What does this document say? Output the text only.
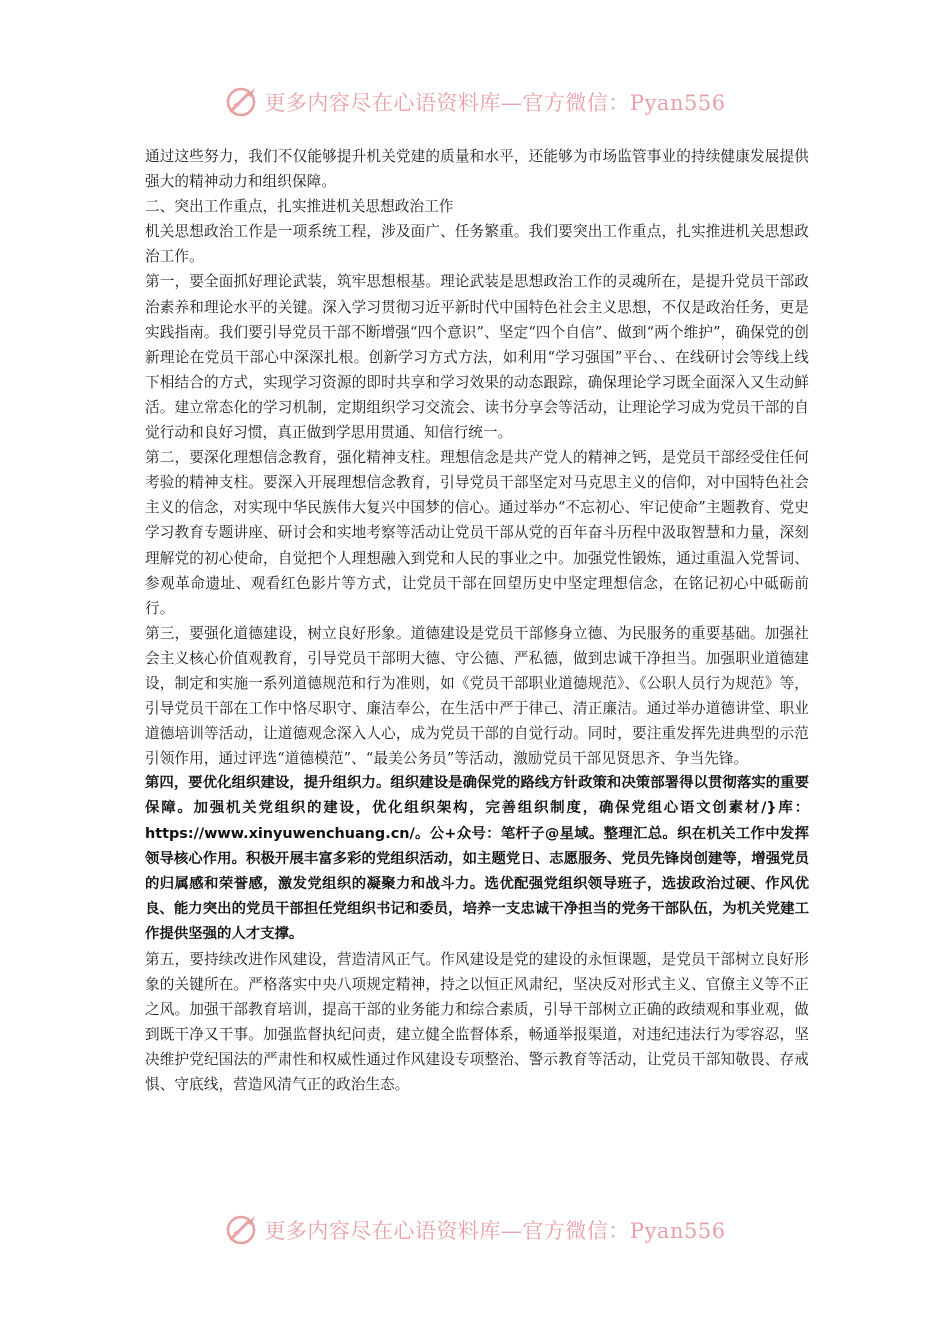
更多内容尽在心语资料库—官方微信：Pyan556

通过这些努力，我们不仅能够提升机关党建的质量和水平，还能够为市场监管事业的持续健康发展提供强大的精神动力和组织保障。

二、突出工作重点，扎实推进机关思想政治工作

机关思想政治工作是一项系统工程，涉及面广、任务繁重。我们要突出工作重点，扎实推进机关思想政治工作。

第一，要全面抓好理论武装，筑牢思想根基。理论武装是思想政治工作的灵魂所在，是提升党员干部政治素养和理论水平的关键。深入学习贯彻习近平新时代中国特色社会主义思想，不仅是政治任务，更是实践指南。我们要引导党员干部不断增强“四个意识”、坚定“四个自信”、做到“两个维护”，确保党的创新理论在党员干部心中深深扎根。创新学习方式方法，如利用“学习强国”平台、、在线研讨会等线上线下相结合的方式，实现学习资源的即时共享和学习效果的动态跟踪，确保理论学习既全面深入又生动鲜活。建立常态化的学习机制，定期组织学习交流会、读书分享会等活动，让理论学习成为党员干部的自觉行动和良好习惯，真正做到学思用贯通、知信行统一。

第二，要深化理想信念教育，强化精神支柱。理想信念是共产党人的精神之钙，是党员干部经受住任何考验的精神支柱。要深入开展理想信念教育，引导党员干部坚定对马克思主义的信仰，对中国特色社会主义的信念，对实现中华民族伟大复兴中国梦的信心。通过举办“不忘初心、牢记使命”主题教育、党史学习教育专题讲座、研讨会和实地考察等活动让党员干部从党的百年奋斗历程中汲取智慧和力量，深刻理解党的初心使命，自觉把个人理想融入到党和人民的事业之中。加强党性锻炼，通过重温入党誓词、参观革命遗址、观看红色影片等方式，让党员干部在回望历史中坚定理想信念，在铭记初心中砥砺前行。

第三，要强化道德建设，树立良好形象。道德建设是党员干部修身立德、为民服务的重要基础。加强社会主义核心价值观教育，引导党员干部明大德、守公德、严私德，做到忠诚干净担当。加强职业道德建设，制定和实施一系列道德规范和行为准则，如《党员干部职业道德规范》、《公职人员行为规范》等，引导党员干部在工作中恪尽职守、廉洁奉公，在生活中严于律己、清正廉洁。通过举办道德讲堂、职业道德培训等活动，让道德观念深入人心，成为党员干部的自觉行动。同时，要注重发挥先进典型的示范引领作用，通过评选“道德模范”、“最美公务员”等活动，激励党员干部见贤思齐、争当先锋。

第四，要优化组织建设，提升组织力。组织建设是确保党的路线方针政策和决策部署得以贯彻落实的重要保障。加强机关党组织的建设，优化组织架构，完善组织制度，确保党组心语文创素材/}库：https://www.xinyuwenchuang.cn/。公+众号：笔杆子@星域。整理汇总。织在机关工作中发挥领导核心作用。积极开展丰富多彩的党组织活动，如主题党日、志愿服务、党员先锋岗创建等，增强党员的归属感和荣誉感，激发党组织的凝聚力和战斗力。选优配强党组织领导班子，选拔政治过硬、作风优良、能力突出的党员干部担任党组织书记和委员，培养一支忠诚干净担当的党务干部队伍，为机关党建工作提供坚强的人才支撑。

第五，要持续改进作风建设，营造清风正气。作风建设是党的建设的永恒课题，是党员干部树立良好形象的关键所在。严格落实中央八项规定精神，持之以恒正风肃纪，坚决反对形式主义、官僚主义等不正之风。加强干部教育培训，提高干部的业务能力和综合素质，引导干部树立正确的政绩观和事业观，做到既干净又干事。加强监督执纪问责，建立健全监督体系，畅通举报渠道，对违纪违法行为零容忍，坚决维护党纪国法的严肃性和权威性通过作风建设专项整治、警示教育等活动，让党员干部知敬畏、存戒惧、守底线，营造风清气正的政治生态。

更多内容尽在心语资料库—官方微信：Pyan556
